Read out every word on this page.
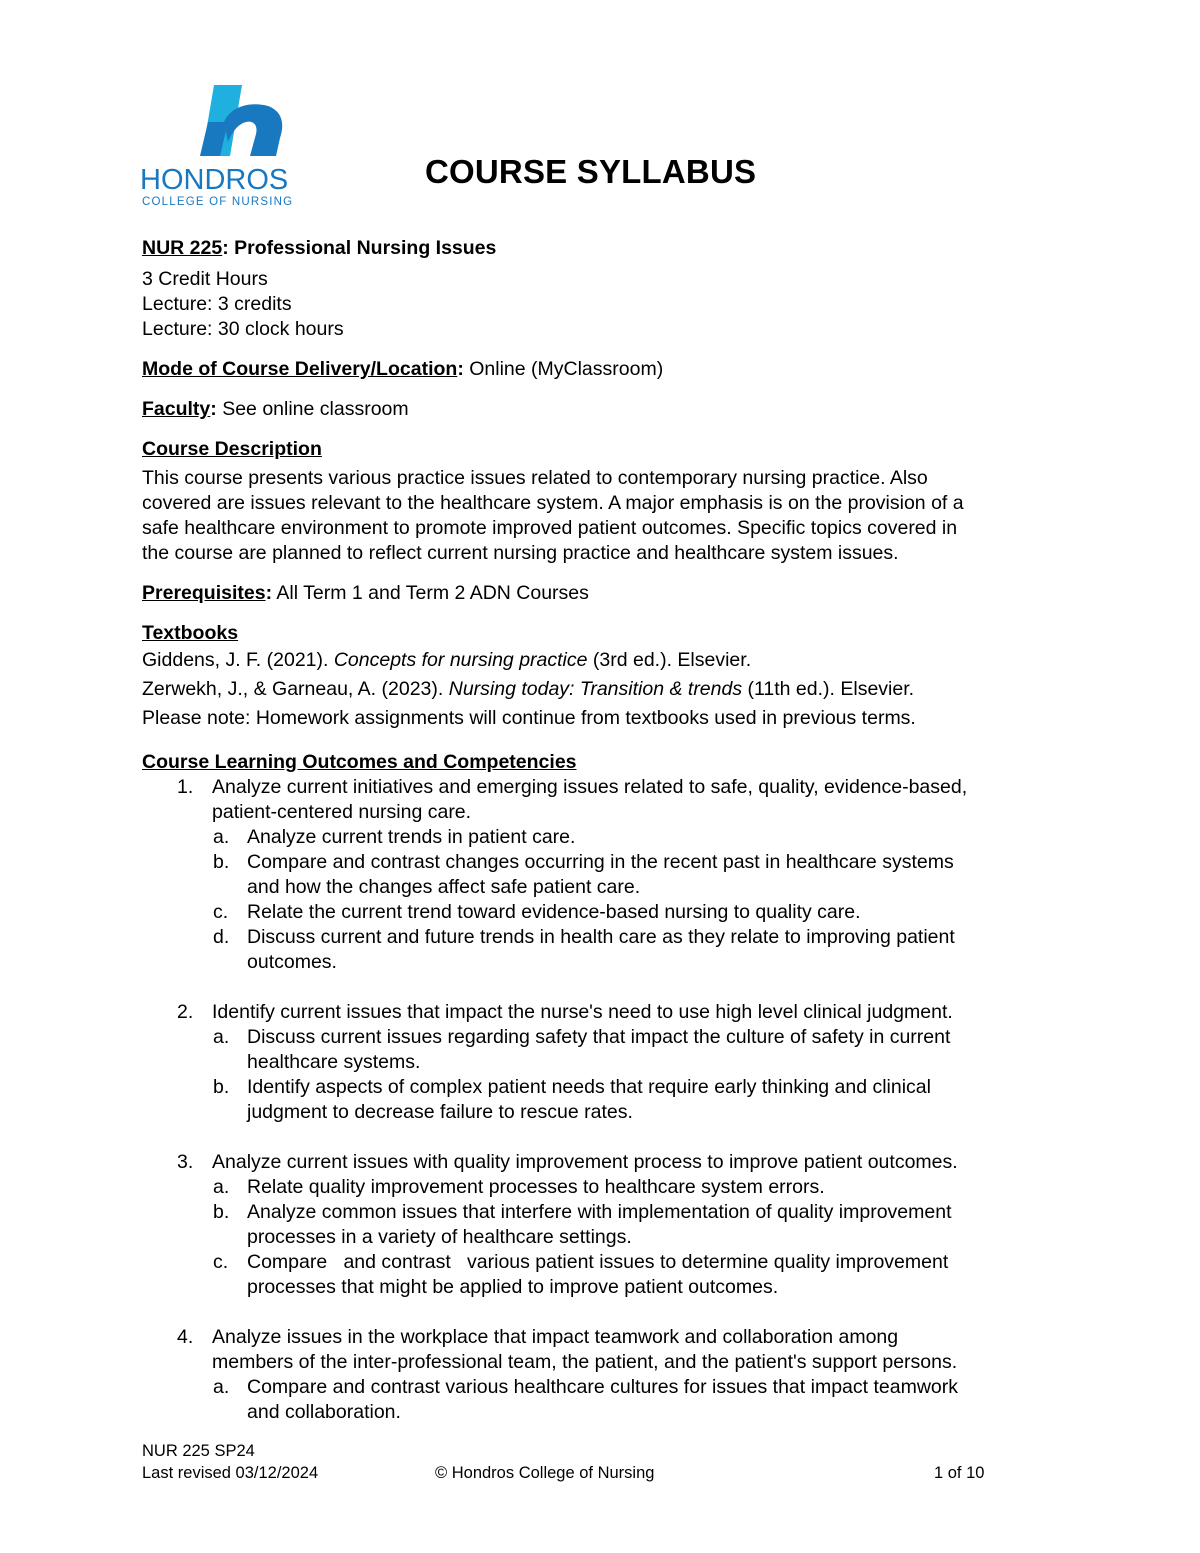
HONDROS
COLLEGE OF NURSING
COURSE SYLLABUS

NUR 225: Professional Nursing Issues

3 Credit Hours

Lecture: 3 credits

Lecture: 30 clock hours

Mode of Course Delivery/Location: Online (MyClassroom)

Faculty: See online classroom

Course Description

This course presents various practice issues related to contemporary nursing practice. Also

covered are issues relevant to the healthcare system. A major emphasis is on the provision of a

safe healthcare environment to promote improved patient outcomes. Specific topics covered in

the course are planned to reflect current nursing practice and healthcare system issues.

Prerequisites: All Term 1 and Term 2 ADN Courses

Textbooks

Giddens, J. F. (2021). Concepts for nursing practice (3rd ed.). Elsevier.

Zerwekh, J., & Garneau, A. (2023). Nursing today: Transition & trends (11th ed.). Elsevier.

Please note: Homework assignments will continue from textbooks used in previous terms.

Course Learning Outcomes and Competencies

1. Analyze current initiatives and emerging issues related to safe, quality, evidence-based,
patient-centered nursing care.
a. Analyze current trends in patient care.
b. Compare and contrast changes occurring in the recent past in healthcare systems
and how the changes affect safe patient care.
c. Relate the current trend toward evidence-based nursing to quality care.
d. Discuss current and future trends in health care as they relate to improving patient
outcomes.
2. Identify current issues that impact the nurse's need to use high level clinical judgment.
a. Discuss current issues regarding safety that impact the culture of safety in current
healthcare systems.
b. Identify aspects of complex patient needs that require early thinking and clinical
judgment to decrease failure to rescue rates.
3. Analyze current issues with quality improvement process to improve patient outcomes.
a. Relate quality improvement processes to healthcare system errors.
b. Analyze common issues that interfere with implementation of quality improvement
processes in a variety of healthcare settings.
c. Compare   and contrast   various patient issues to determine quality improvement
processes that might be applied to improve patient outcomes.
4. Analyze issues in the workplace that impact teamwork and collaboration among
members of the inter-professional team, the patient, and the patient's support persons.
a. Compare and contrast various healthcare cultures for issues that impact teamwork
and collaboration.
NUR 225 SP24
Last revised 03/12/2024	© Hondros College of Nursing	1 of 10
